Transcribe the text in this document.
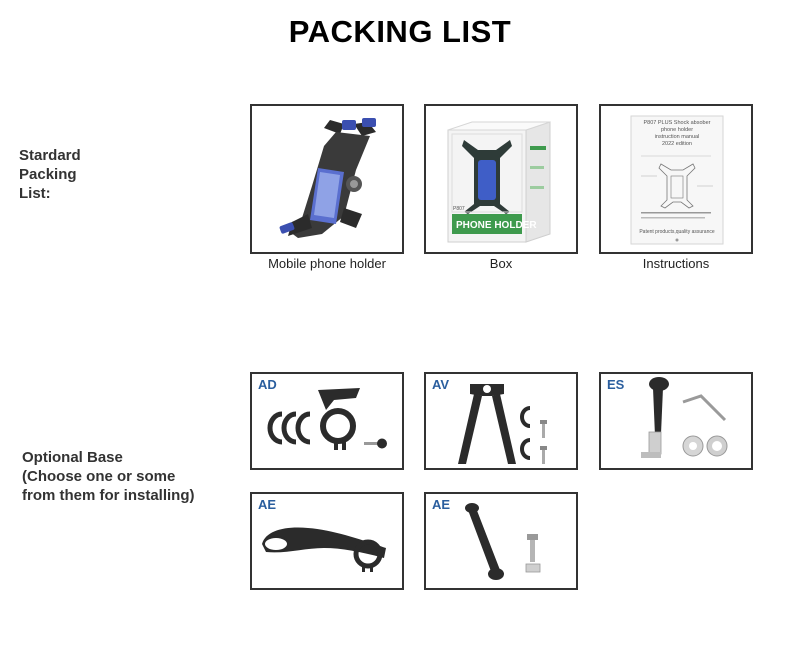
PACKING LIST
Stardard
Packing
List:
Mobile phone holder
P807
PHONE HOLDER
Box
P807 PLUS Shock absober
phone holder
instruction manual
2022 edition
Patent products,quality assurance
Instructions
Optional Base
(Choose one or some
from them for installing)
AD	AV	ES
AE	AE
